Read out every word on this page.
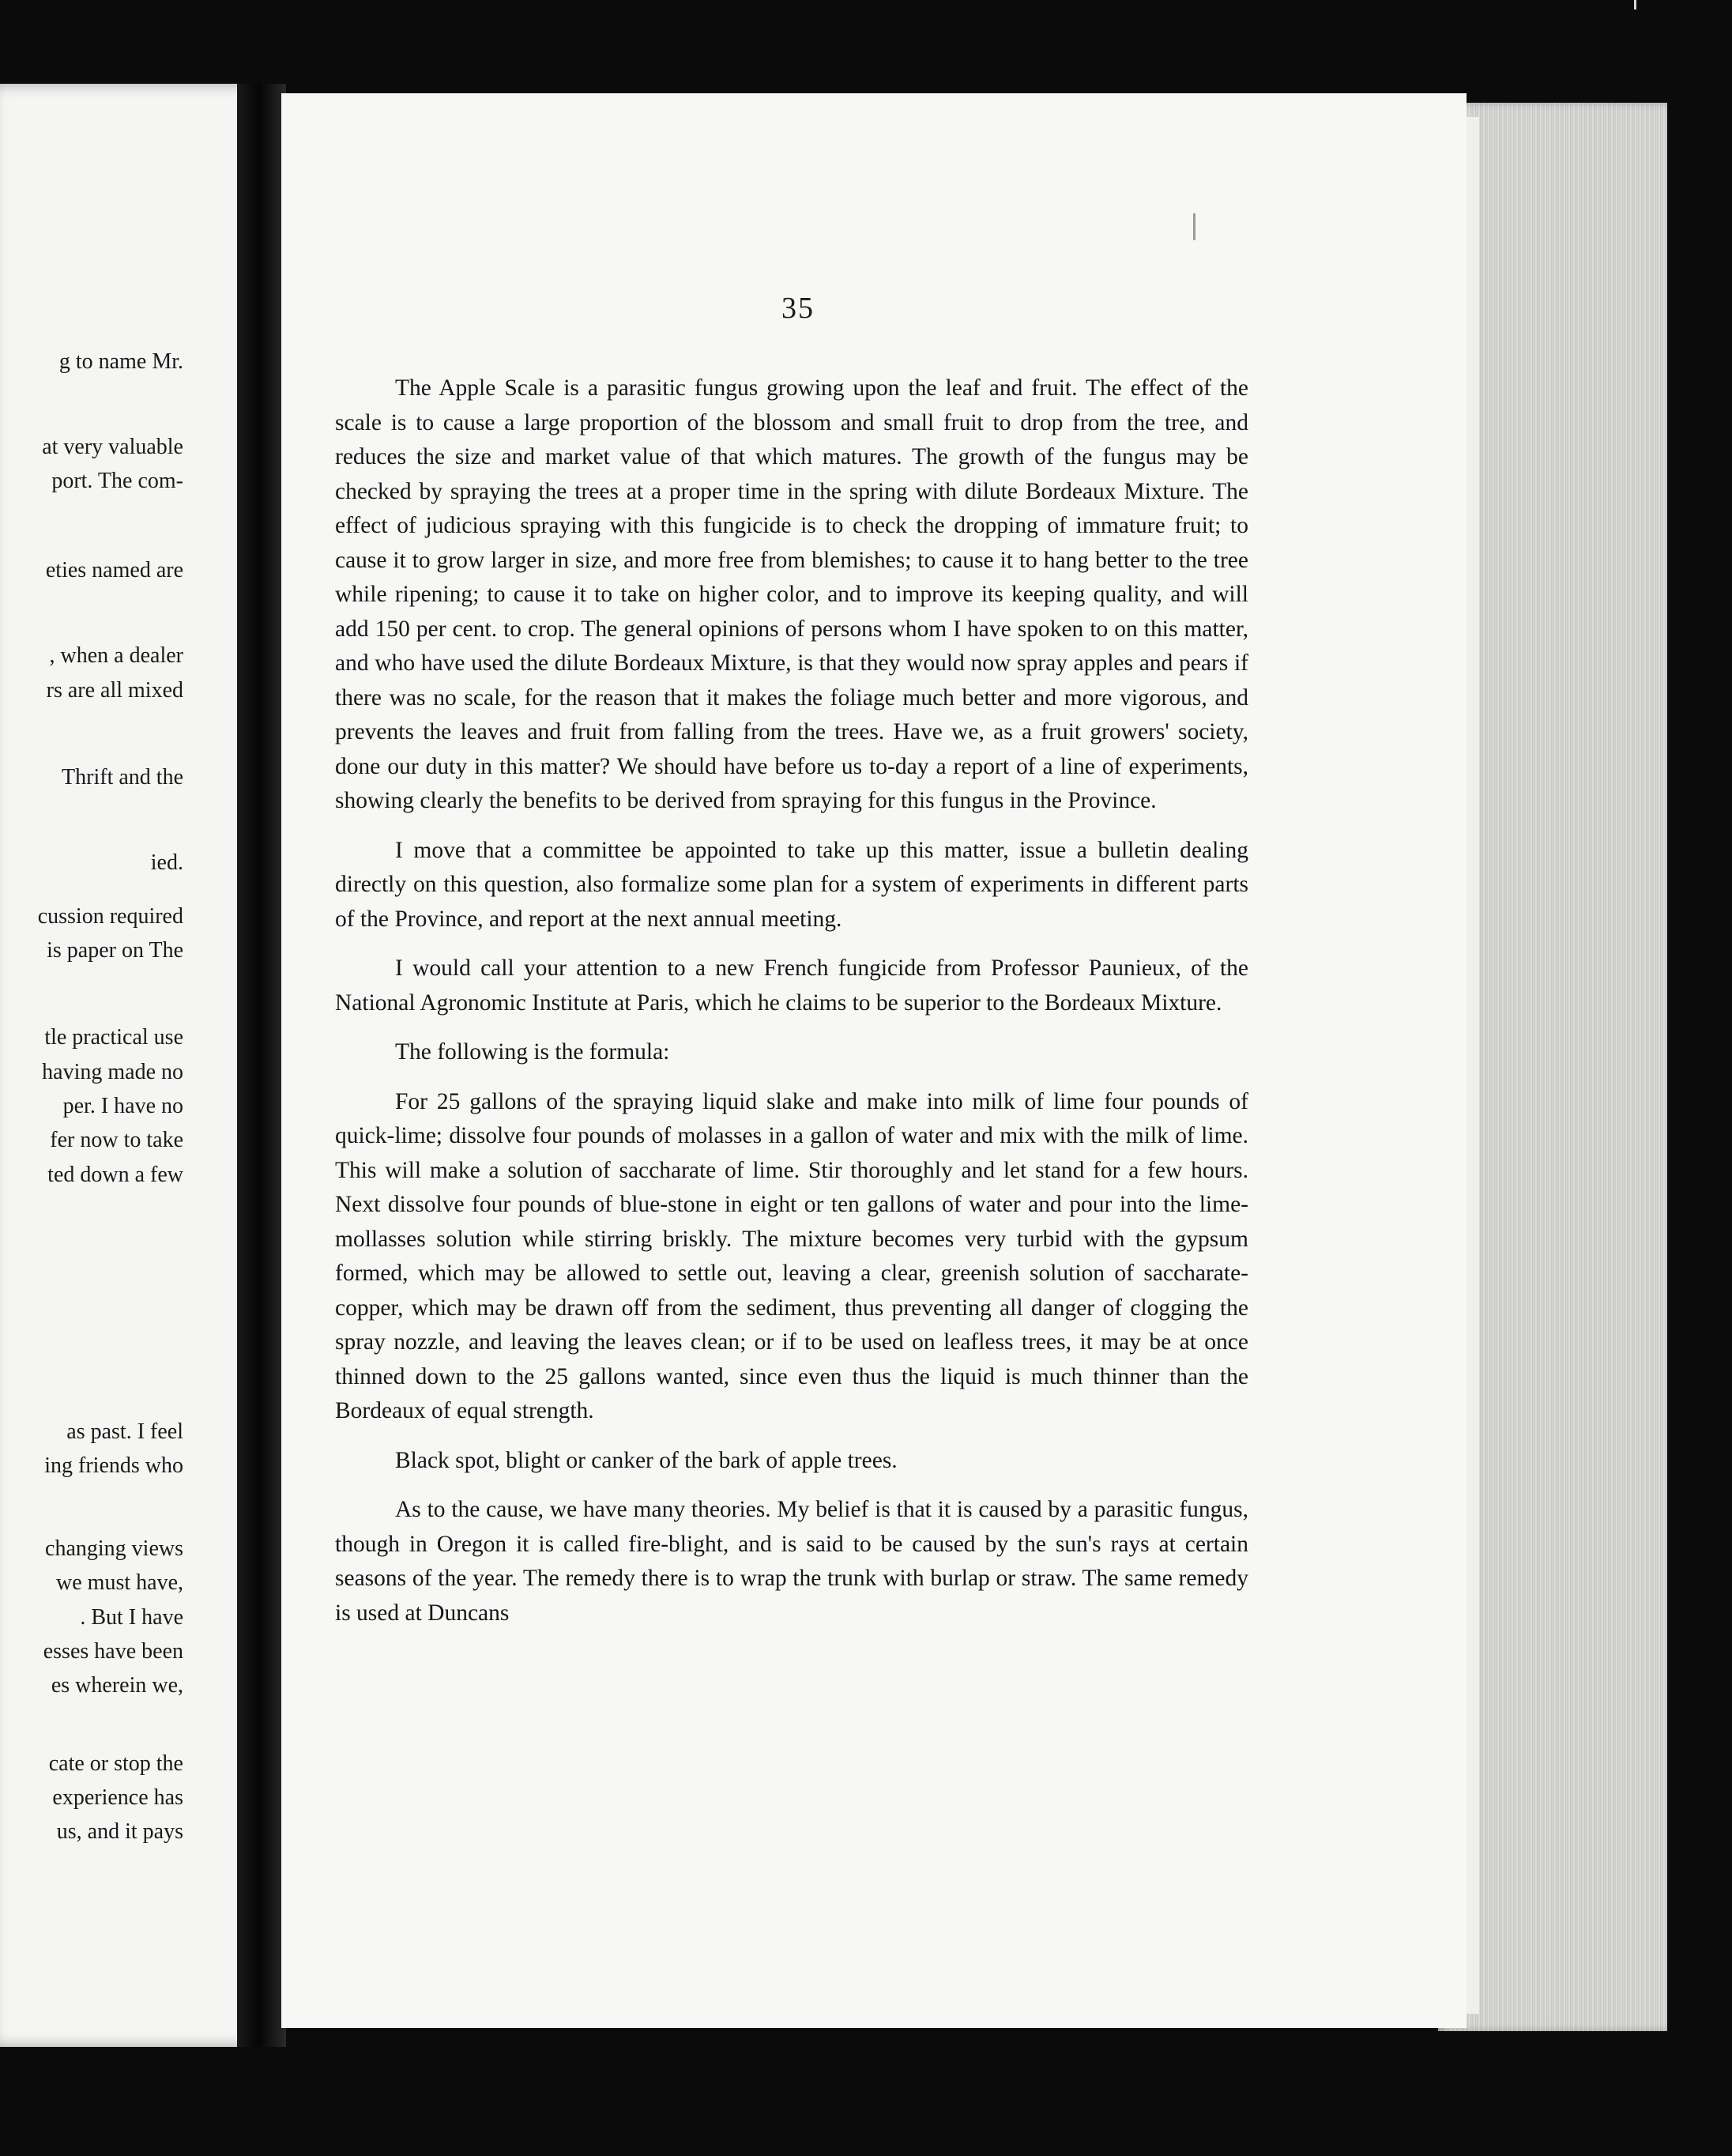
g to name Mr.
at very valuable
port. The com-
eties named are
, when a dealer
rs are all mixed
Thrift and the
ied.
cussion required
is paper on The
tle practical use
having made no
per. I have no
fer now to take
ted down a few
as past. I feel
ing friends who
changing views
we must have,
. But I have
esses have been
es wherein we,
cate or stop the
experience has
us, and it pays
35

The Apple Scale is a parasitic fungus growing upon the leaf and fruit. The effect of the scale is to cause a large proportion of the blossom and small fruit to drop from the tree, and reduces the size and market value of that which matures. The growth of the fungus may be checked by spraying the trees at a proper time in the spring with dilute Bordeaux Mixture. The effect of judicious spraying with this fungicide is to check the dropping of immature fruit; to cause it to grow larger in size, and more free from blemishes; to cause it to hang better to the tree while ripening; to cause it to take on higher color, and to improve its keeping quality, and will add 150 per cent. to crop. The general opinions of persons whom I have spoken to on this matter, and who have used the dilute Bordeaux Mixture, is that they would now spray apples and pears if there was no scale, for the reason that it makes the foliage much better and more vigorous, and prevents the leaves and fruit from falling from the trees. Have we, as a fruit growers' society, done our duty in this matter? We should have before us to-day a report of a line of experiments, showing clearly the benefits to be derived from spraying for this fungus in the Province.

I move that a committee be appointed to take up this matter, issue a bulletin dealing directly on this question, also formalize some plan for a system of experiments in different parts of the Province, and report at the next annual meeting.

I would call your attention to a new French fungicide from Professor Paunieux, of the National Agronomic Institute at Paris, which he claims to be superior to the Bordeaux Mixture.

The following is the formula:

For 25 gallons of the spraying liquid slake and make into milk of lime four pounds of quick-lime; dissolve four pounds of molasses in a gallon of water and mix with the milk of lime. This will make a solution of saccharate of lime. Stir thoroughly and let stand for a few hours. Next dissolve four pounds of blue-stone in eight or ten gallons of water and pour into the lime-mollasses solution while stirring briskly. The mixture becomes very turbid with the gypsum formed, which may be allowed to settle out, leaving a clear, greenish solution of saccharate-copper, which may be drawn off from the sediment, thus preventing all danger of clogging the spray nozzle, and leaving the leaves clean; or if to be used on leafless trees, it may be at once thinned down to the 25 gallons wanted, since even thus the liquid is much thinner than the Bordeaux of equal strength.

Black spot, blight or canker of the bark of apple trees.

As to the cause, we have many theories. My belief is that it is caused by a parasitic fungus, though in Oregon it is called fire-blight, and is said to be caused by the sun's rays at certain seasons of the year. The remedy there is to wrap the trunk with burlap or straw. The same remedy is used at Duncans
